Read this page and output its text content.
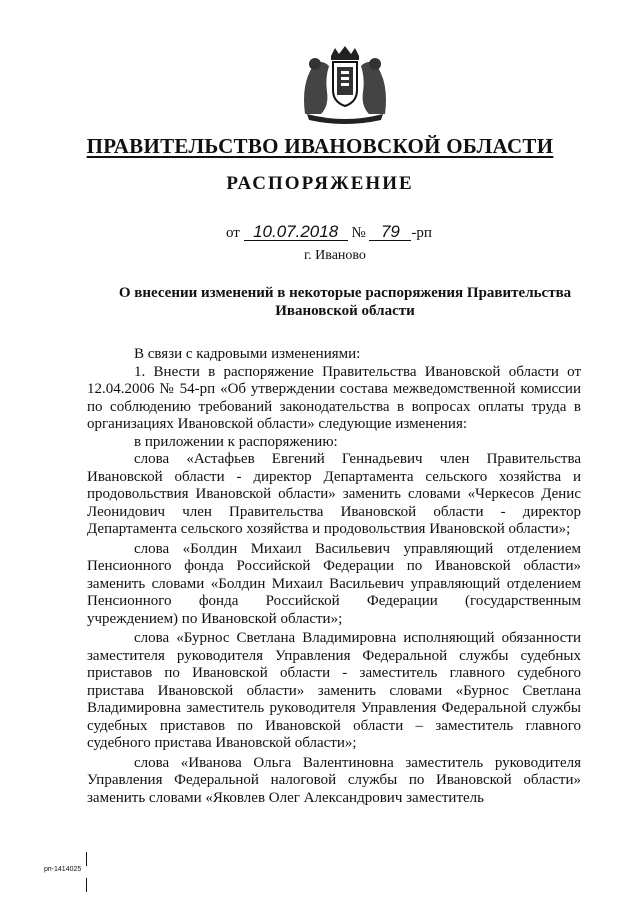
ПРАВИТЕЛЬСТВО ИВАНОВСКОЙ ОБЛАСТИ
РАСПОРЯЖЕНИЕ
от 10.07.2018 № 79 -рп
г. Иваново
О внесении изменений в некоторые распоряжения Правительства Ивановской области

В связи с кадровыми изменениями:

1. Внести в распоряжение Правительства Ивановской области от 12.04.2006 № 54-рп «Об утверждении состава межведомственной комиссии по соблюдению требований законодательства в вопросах оплаты труда в организациях Ивановской области» следующие изменения:

в приложении к распоряжению:

слова «Астафьев Евгений Геннадьевич член Правительства Ивановской области - директор Департамента сельского хозяйства и продовольствия Ивановской области» заменить словами «Черкесов Денис Леонидович член Правительства Ивановской области - директор Департамента сельского хозяйства и продовольствия Ивановской области»;

слова «Болдин Михаил Васильевич управляющий отделением Пенсионного фонда Российской Федерации по Ивановской области» заменить словами «Болдин Михаил Васильевич управляющий отделением Пенсионного фонда Российской Федерации (государственным учреждением) по Ивановской области»;

слова «Бурнос Светлана Владимировна исполняющий обязанности заместителя руководителя Управления Федеральной службы судебных приставов по Ивановской области - заместитель главного судебного пристава Ивановской области» заменить словами «Бурнос Светлана Владимировна заместитель руководителя Управления Федеральной службы судебных приставов по Ивановской области – заместитель главного судебного пристава Ивановской области»;

слова «Иванова Ольга Валентиновна заместитель руководителя Управления Федеральной налоговой службы по Ивановской области» заменить словами «Яковлев Олег Александрович заместитель

рп-1414025
